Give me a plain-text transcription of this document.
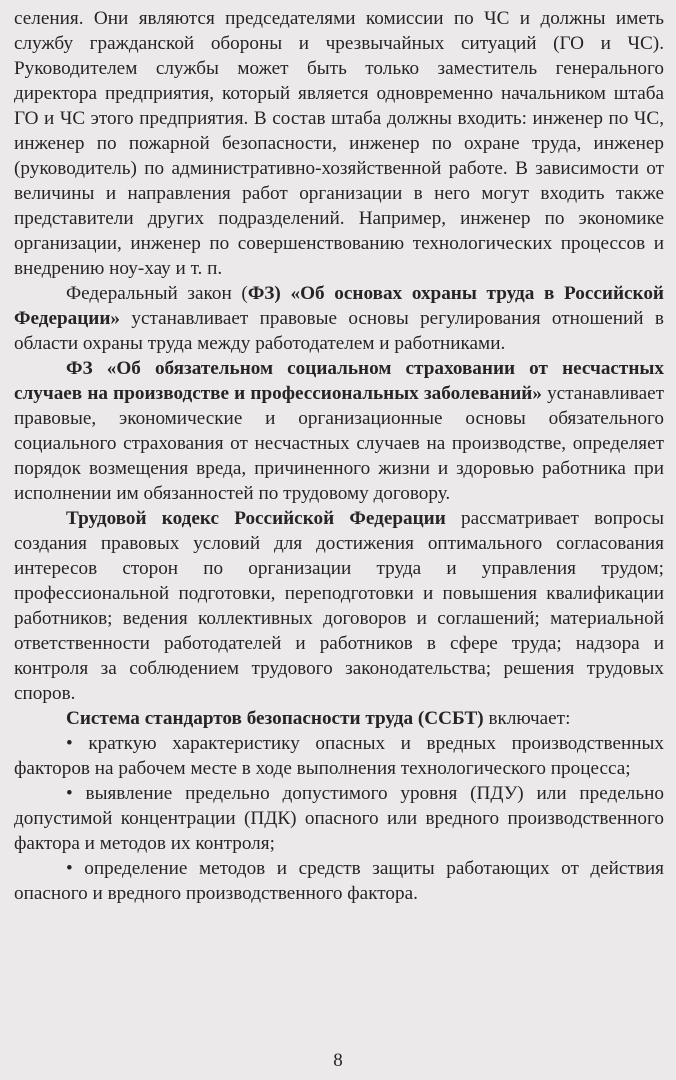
селения. Они являются председателями комиссии по ЧС и должны иметь службу гражданской обороны и чрезвычайных ситуаций (ГО и ЧС). Руководителем службы может быть только заместитель генерального директора предприятия, который является одновременно начальником штаба ГО и ЧС этого предприятия. В состав штаба должны входить: инженер по ЧС, инженер по пожарной безопасности, инженер по охране труда, инженер (руководитель) по административно-хозяйственной работе. В зависимости от величины и направления работ организации в него могут входить также представители других подразделений. Например, инженер по экономике организации, инженер по совершенствованию технологических процессов и внедрению ноу-хау и т. п.

Федеральный закон (ФЗ) «Об основах охраны труда в Российской Федерации» устанавливает правовые основы регулирования отношений в области охраны труда между работодателем и работниками.

ФЗ «Об обязательном социальном страховании от несчастных случаев на производстве и профессиональных заболеваний» устанавливает правовые, экономические и организационные основы обязательного социального страхования от несчастных случаев на производстве, определяет порядок возмещения вреда, причиненного жизни и здоровью работника при исполнении им обязанностей по трудовому договору.

Трудовой кодекс Российской Федерации рассматривает вопросы создания правовых условий для достижения оптимального согласования интересов сторон по организации труда и управления трудом; профессиональной подготовки, переподготовки и повышения квалификации работников; ведения коллективных договоров и соглашений; материальной ответственности работодателей и работников в сфере труда; надзора и контроля за соблюдением трудового законодательства; решения трудовых споров.

Система стандартов безопасности труда (ССБТ) включает:

• краткую характеристику опасных и вредных производственных факторов на рабочем месте в ходе выполнения технологического процесса;

• выявление предельно допустимого уровня (ПДУ) или предельно допустимой концентрации (ПДК) опасного или вредного производственного фактора и методов их контроля;

• определение методов и средств защиты работающих от действия опасного и вредного производственного фактора.

8
